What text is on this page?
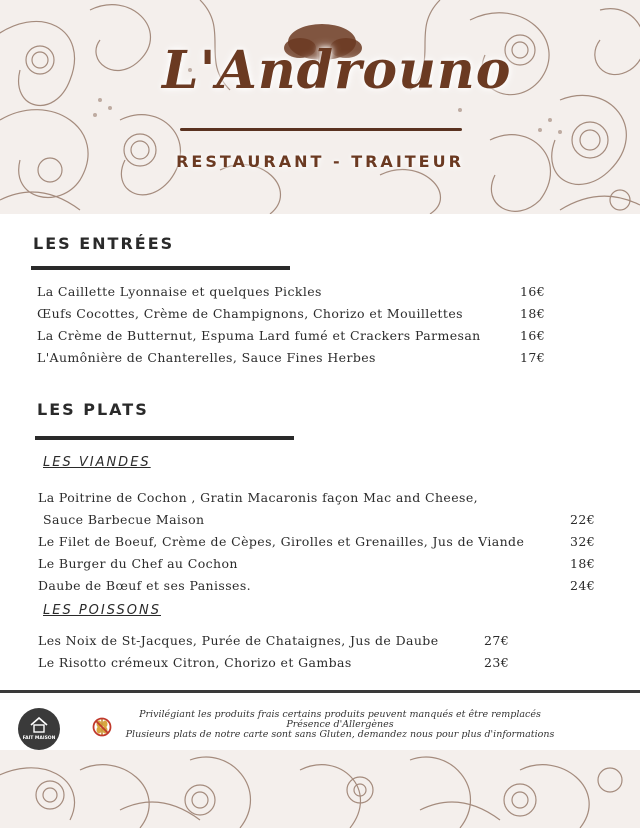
L'Androuno
RESTAURANT - TRAITEUR
LES ENTRÉES
La Caillette Lyonnaise et quelques Pickles	16€
Œufs Cocottes, Crème de Champignons, Chorizo et Mouillettes	18€
La Crème de Butternut, Espuma Lard fumé et Crackers Parmesan	16€
L'Aumônière de Chanterelles, Sauce Fines Herbes	17€
LES PLATS
LES VIANDES
La Poitrine de Cochon , Gratin Macaronis façon Mac and Cheese,
Sauce Barbecue Maison	22€
Le Filet de Boeuf, Crème de Cèpes, Girolles et Grenailles, Jus de Viande	32€
Le Burger du Chef au Cochon	18€
Daube de Bœuf et ses Panisses.	24€
LES POISSONS
Les Noix de St-Jacques, Purée de Chataignes, Jus de Daube	27€
Le Risotto crémeux Citron, Chorizo et Gambas	23€
FAIT MAISON
Privilégiant les produits frais certains produits peuvent manqués et être remplacés
Présence d'Allergènes
Plusieurs plats de notre carte sont sans Gluten, demandez nous pour plus d'informations
